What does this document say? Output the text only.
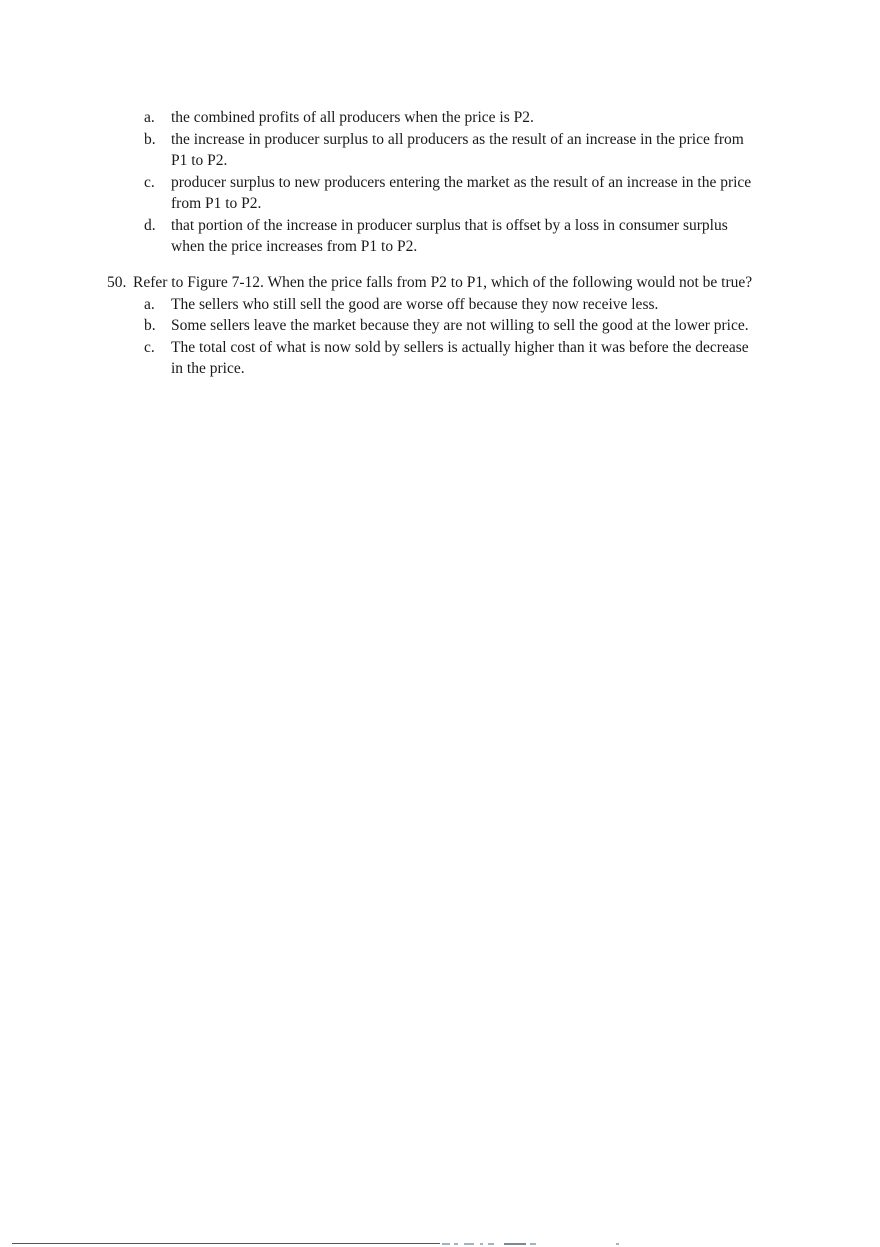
a.	the combined profits of all producers when the price is P2.
b. the increase in producer surplus to all producers as the result of an increase in the price from P1 to P2.
c.	producer surplus to new producers entering the market as the result of an increase in the price from P1 to P2.
d. that portion of the increase in producer surplus that is offset by a loss in consumer surplus when the price increases from P1 to P2.

50. Refer to Figure 7-12. When the price falls from P2 to P1, which of the following would not be true?

a.	The sellers who still sell the good are worse off because they now receive less.
b. Some sellers leave the market because they are not willing to sell the good at the lower price.
c.	The total cost of what is now sold by sellers is actually higher than it was before the decrease in the price.
